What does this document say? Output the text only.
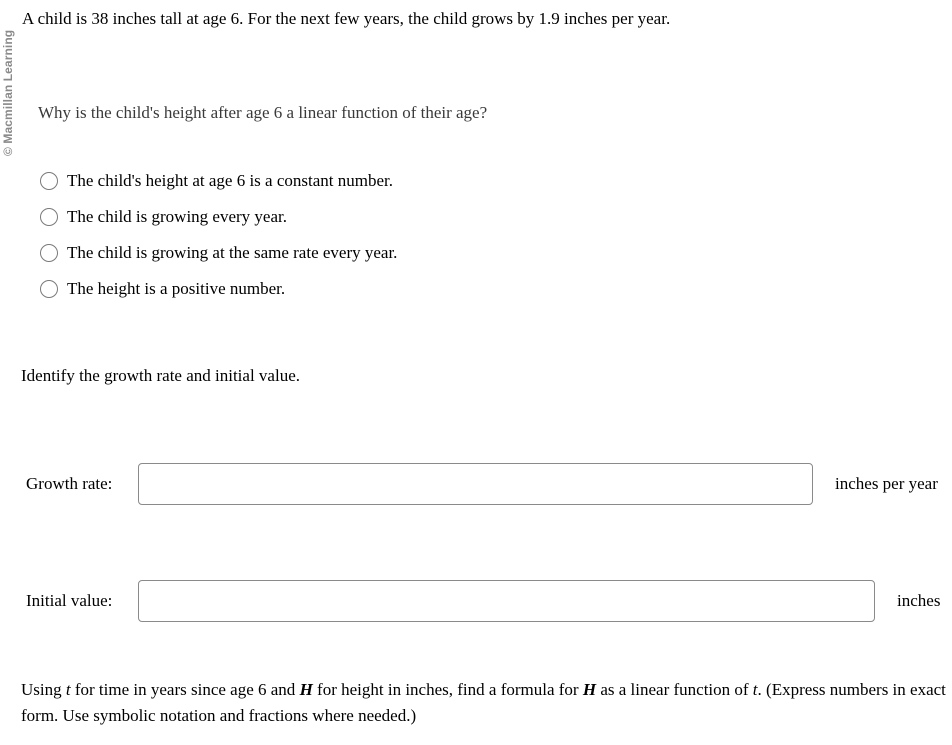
© Macmillan Learning
A child is 38 inches tall at age 6. For the next few years, the child grows by 1.9 inches per year.
Why is the child's height after age 6 a linear function of their age?
The child's height at age 6 is a constant number.
The child is growing every year.
The child is growing at the same rate every year.
The height is a positive number.
Identify the growth rate and initial value.
Growth rate:	inches per year
Initial value:	inches
Using t for time in years since age 6 and H for height in inches, find a formula for H as a linear function of t. (Express numbers in exact form. Use symbolic notation and fractions where needed.)
